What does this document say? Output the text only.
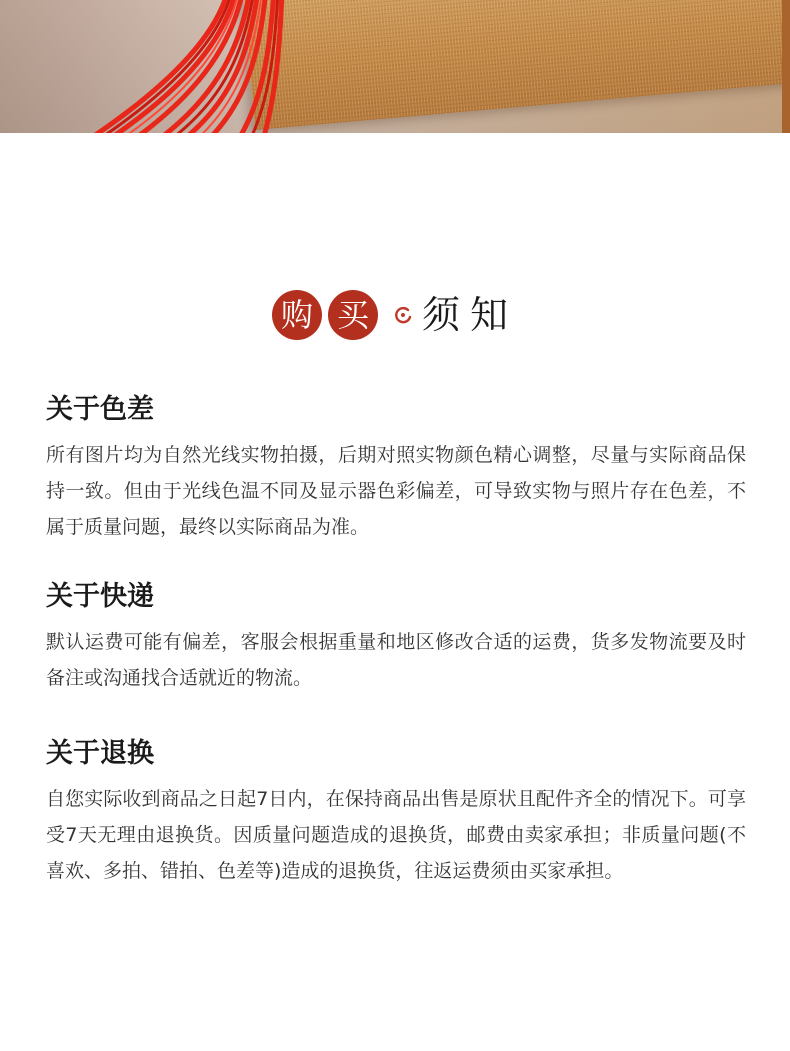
购 买 须知
关于色差

所有图片均为自然光线实物拍摄，后期对照实物颜色精心调整，尽量与实际商品保持一致。但由于光线色温不同及显示器色彩偏差，可导致实物与照片存在色差，不属于质量问题，最终以实际商品为准。

关于快递

默认运费可能有偏差，客服会根据重量和地区修改合适的运费，货多发物流要及时备注或沟通找合适就近的物流。

关于退换

自您实际收到商品之日起7日内，在保持商品出售是原状且配件齐全的情况下。可享受7天无理由退换货。因质量问题造成的退换货，邮费由卖家承担；非质量问题(不喜欢、多拍、错拍、色差等)造成的退换货，往返运费须由买家承担。
